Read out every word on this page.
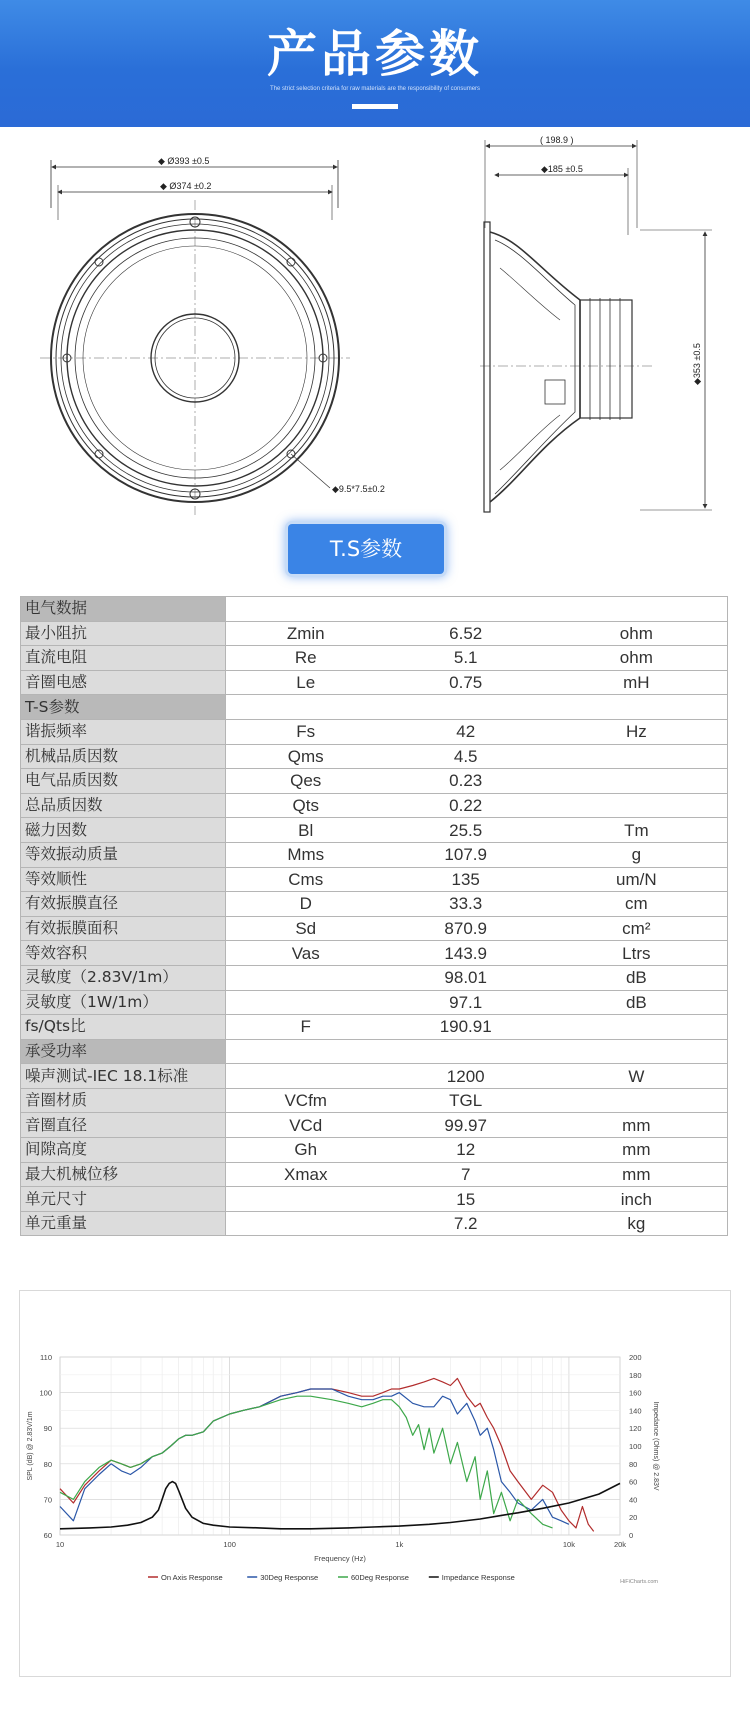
产品参数
The strict selection criteria for raw materials are the responsibility of consumers
◆ Ø393 ±0.5
◆ Ø374 ±0.2
◆9.5*7.5±0.2
( 198.9 )
◆185 ±0.5
◆353 ±0.5
T.S参数
电气数据			
最小阻抗	Zmin	6.52	ohm
直流电阻	Re	5.1	ohm
音圈电感	Le	0.75	mH
T-S参数			
谐振频率	Fs	42	Hz
机械品质因数	Qms	4.5	
电气品质因数	Qes	0.23	
总品质因数	Qts	0.22	
磁力因数	Bl	25.5	Tm
等效振动质量	Mms	107.9	g
等效顺性	Cms	135	um/N
有效振膜直径	D	33.3	cm
有效振膜面积	Sd	870.9	cm²
等效容积	Vas	143.9	Ltrs
灵敏度（2.83V/1m）		98.01	dB
灵敏度（1W/1m）		97.1	dB
fs/Qts比	F	190.91	
承受功率			
噪声测试-IEC 18.1标准		1200	W
音圈材质	VCfm	TGL	
音圈直径	VCd	99.97	mm
间隙高度	Gh	12	mm
最大机械位移	Xmax	7	mm
单元尺寸		15	inch
单元重量		7.2	kg
60
70
80
90
100
110
0
20
40
60
80
100
120
140
160
180
200
10	100	1k	10k	20k
Frequency (Hz)
SPL (dB) @ 2.83V/1m	Impedance (Ohms) @ 2.83V
On Axis Response	30Deg Response	60Deg Response	Impedance Response	HiFiCharts.com
